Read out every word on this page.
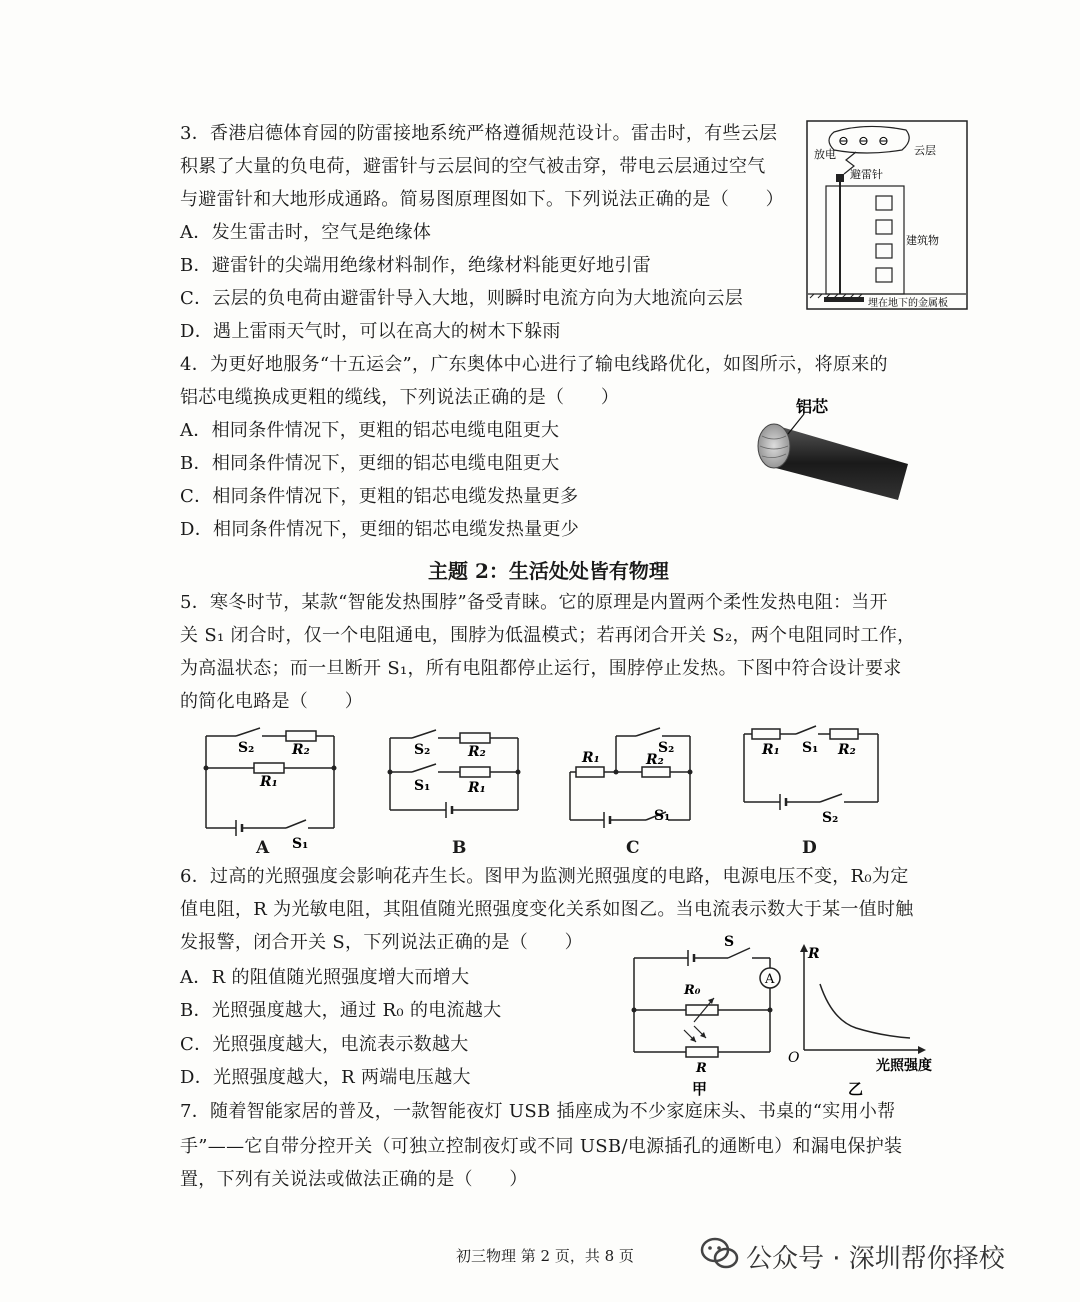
3．香港启德体育园的防雷接地系统严格遵循规范设计。雷击时，有些云层
积累了大量的负电荷，避雷针与云层间的空气被击穿，带电云层通过空气
与避雷针和大地形成通路。简易图原理图如下。下列说法正确的是（　　）
A．发生雷击时，空气是绝缘体
B．避雷针的尖端用绝缘材料制作，绝缘材料能更好地引雷
C．云层的负电荷由避雷针导入大地，则瞬时电流方向为大地流向云层
D．遇上雷雨天气时，可以在高大的树木下躲雨
⊖ ⊖ ⊖
云层
放电
避雷针
建筑物
埋在地下的金属板
4．为更好地服务“十五运会”，广东奥体中心进行了输电线路优化，如图所示，将原来的
铝芯电缆换成更粗的缆线，下列说法正确的是（　　）
A．相同条件情况下，更粗的铝芯电缆电阻更大
B．相同条件情况下，更细的铝芯电缆电阻更大
C．相同条件情况下，更粗的铝芯电缆发热量更多
D．相同条件情况下，更细的铝芯电缆发热量更少
铝芯
主题 2：生活处处皆有物理
5．寒冬时节，某款“智能发热围脖”备受青睐。它的原理是内置两个柔性发热电阻：当开
关 S₁ 闭合时，仅一个电阻通电，围脖为低温模式；若再闭合开关 S₂，两个电阻同时工作，
为高温状态；而一旦断开 S₁，所有电阻都停止运行，围脖停止发热。下图中符合设计要求
的简化电路是（　　）
S₂	R₂
R₁
S₁
A
S₂	R₂
S₁	R₁
B
S₂
R₁	R₂
S₁
C
R₁ S₁ R₂
S₂
D
6．过高的光照强度会影响花卉生长。图甲为监测光照强度的电路，电源电压不变，R₀为定
值电阻，R 为光敏电阻，其阻值随光照强度变化关系如图乙。当电流表示数大于某一值时触
发报警，闭合开关 S，下列说法正确的是（　　）
A．R 的阻值随光照强度增大而增大
B．光照强度越大，通过 R₀ 的电流越大
C．光照强度越大，电流表示数越大
D．光照强度越大，R 两端电压越大
A
S
R₀
R
甲
R
O	光照强度
乙
7．随着智能家居的普及，一款智能夜灯 USB 插座成为不少家庭床头、书桌的“实用小帮
手”——它自带分控开关（可独立控制夜灯或不同 USB/电源插孔的通断电）和漏电保护装
置，下列有关说法或做法正确的是（　　）
初三物理 第 2 页，共 8 页	公众号 · 深圳帮你择校
